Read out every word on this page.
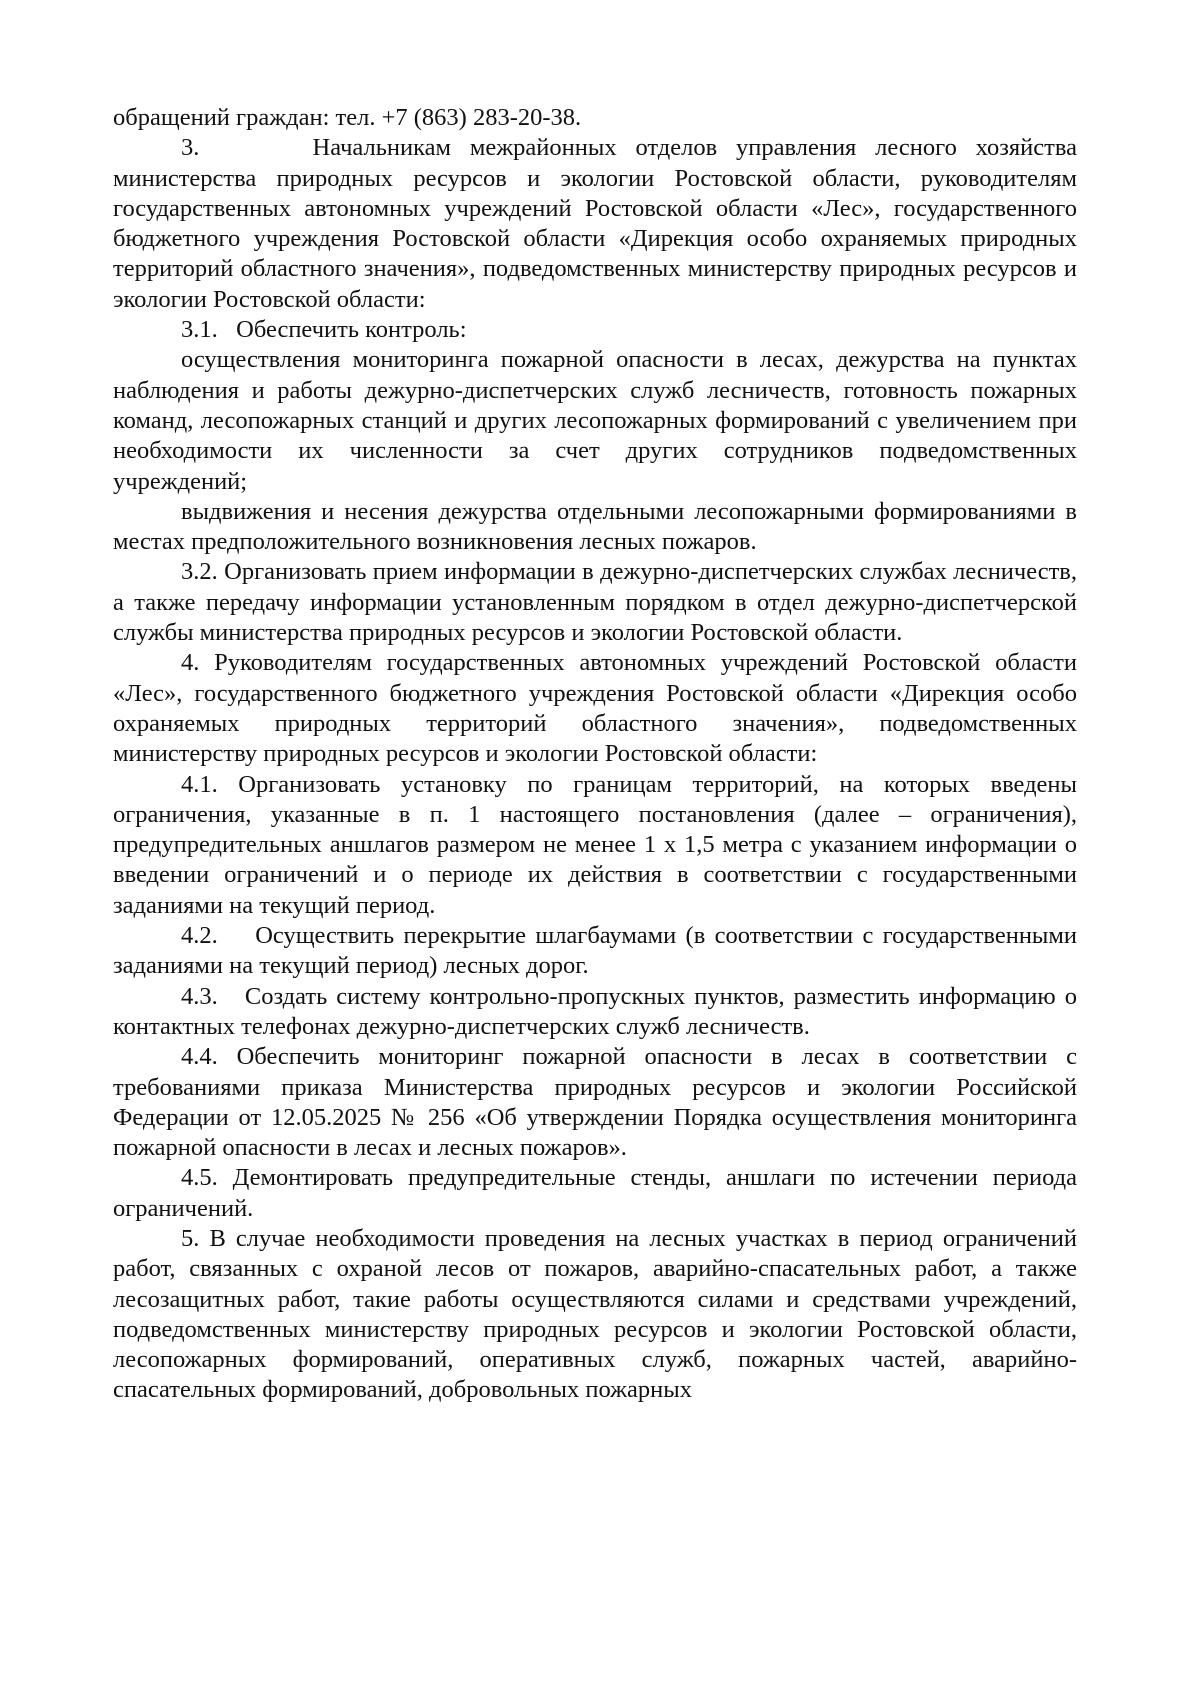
обращений граждан: тел. +7 (863) 283-20-38.

3.      Начальникам межрайонных отделов управления лесного хозяйства министерства природных ресурсов и экологии Ростовской области, руководителям государственных автономных учреждений Ростовской области «Лес», государственного бюджетного учреждения Ростовской области «Дирекция особо охраняемых природных территорий областного значения», подведомственных министерству природных ресурсов и экологии Ростовской области:

3.1.   Обеспечить контроль:

осуществления мониторинга пожарной опасности в лесах, дежурства на пунктах наблюдения и работы дежурно-диспетчерских служб лесничеств, готовность пожарных команд, лесопожарных станций и других лесопожарных формирований с увеличением при необходимости их численности за счет других сотрудников подведомственных учреждений;

выдвижения и несения дежурства отдельными лесопожарными формированиями в местах предположительного возникновения лесных пожаров.

3.2. Организовать прием информации в дежурно-диспетчерских службах лесничеств, а также передачу информации установленным порядком в отдел дежурно-диспетчерской службы министерства природных ресурсов и экологии Ростовской области.

4. Руководителям государственных автономных учреждений Ростовской области «Лес», государственного бюджетного учреждения Ростовской области «Дирекция особо охраняемых природных территорий областного значения», подведомственных министерству природных ресурсов и экологии Ростовской области:

4.1. Организовать установку по границам территорий, на которых введены ограничения, указанные в п. 1 настоящего постановления (далее – ограничения), предупредительных аншлагов размером не менее 1 х 1,5 метра с указанием информации о введении ограничений и о периоде их действия в соответствии с государственными заданиями на текущий период.

4.2.    Осуществить перекрытие шлагбаумами (в соответствии с государственными заданиями на текущий период) лесных дорог.

4.3.   Создать систему контрольно-пропускных пунктов, разместить информацию о контактных телефонах дежурно-диспетчерских служб лесничеств.

4.4. Обеспечить мониторинг пожарной опасности в лесах в соответствии с требованиями приказа Министерства природных ресурсов и экологии Российской Федерации от 12.05.2025 № 256 «Об утверждении Порядка осуществления мониторинга пожарной опасности в лесах и лесных пожаров».

4.5. Демонтировать предупредительные стенды, аншлаги по истечении периода ограничений.

5. В случае необходимости проведения на лесных участках в период ограничений работ, связанных с охраной лесов от пожаров, аварийно-спасательных работ, а также лесозащитных работ, такие работы осуществляются силами и средствами учреждений, подведомственных министерству природных ресурсов и экологии Ростовской области, лесопожарных формирований, оперативных служб, пожарных частей, аварийно-спасательных формирований, добровольных пожарных
